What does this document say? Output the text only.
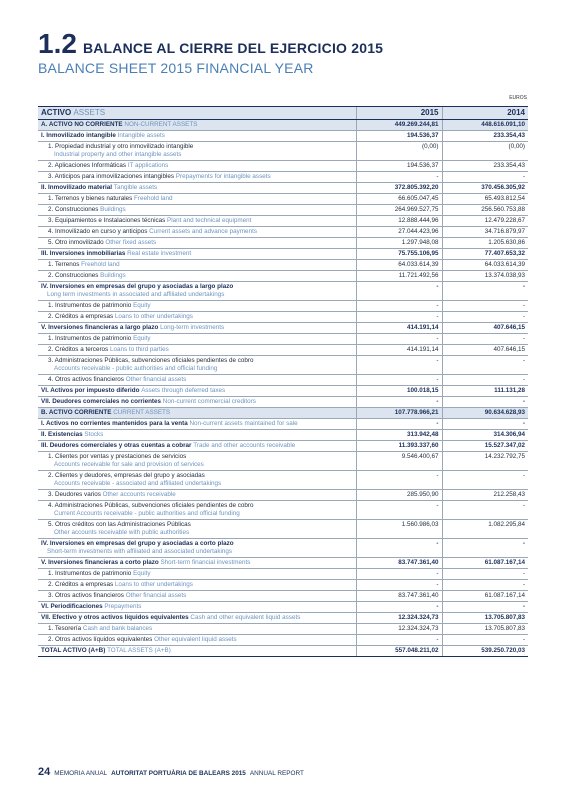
1.2 BALANCE AL CIERRE DEL EJERCICIO 2015
BALANCE SHEET 2015 FINANCIAL YEAR
EUROS
ACTIVO ASSETS	2015	2014
A. ACTIVO NO CORRIENTE NON-CURRENT ASSETS	449.269.244,81	448.616.091,10
I. Inmovilizado intangible Intangible assets	194.536,37	233.354,43
1. Propiedad industrial y otro inmovilizado intangible
Industrial property and other intangible assets	(0,00)	(0,00)
2. Aplicaciones Informáticas IT applications	194.536,37	233.354,43
3. Anticipos para inmovilizaciones intangibles Prepayments for intangible assets	-	-
II. Inmovilizado material Tangible assets	372.805.392,20	370.456.305,92
1. Terrenos y bienes naturales Freehold land	66.605.047,45	65.493.812,54
2. Construcciones Buildings	264.969.527,75	256.560.753,88
3. Equipamientos e Instalaciones técnicas Plant and technical equipment	12.888.444,96	12.479.228,67
4. Inmovilizado en curso y anticipos Current assets and advance payments	27.044.423,96	34.716.879,97
5. Otro inmovilizado Other fixed assets	1.297.948,08	1.205.630,86
III. Inversiones inmobiliarias Real estate investment	75.755.106,95	77.407.653,32
1. Terrenos Freehold land	64.033.614,39	64.033.614,39
2. Construcciones Buildings	11.721.492,56	13.374.038,93
IV. Inversiones en empresas del grupo y asociadas a largo plazo
Long term investments in associated and affiliated undertakings	-	-
1. Instrumentos de patrimonio Equity	-	-
2. Créditos a empresas Loans to other undertakings	-	-
V. Inversiones financieras a largo plazo Long-term investments	414.191,14	407.646,15
1. Instrumentos de patrimonio Equity	-	-
2. Créditos a terceros Loans to third parties	414.191,14	407.646,15
3. Administraciones Públicas, subvenciones oficiales pendientes de cobro
Accounts receivable - public authorities and official funding	-	-
4. Otros activos financieros Other financial assets	-	-
VI. Activos por impuesto diferido Assets through deferred taxes	100.018,15	111.131,28
VII. Deudores comerciales no corrientes Non-current commercial creditors	-	-
B. ACTIVO CORRIENTE CURRENT ASSETS	107.778.966,21	90.634.628,93
I. Activos no corrientes mantenidos para la venta Non-current assets maintained for sale	-	-
II. Existencias Stocks	313.942,48	314.306,94
III. Deudores comerciales y otras cuentas a cobrar Trade and other accounts receivable	11.393.337,60	15.527.347,02
1. Clientes por ventas y prestaciones de servicios
Accounts receivable for sale and provision of services	9.546.400,67	14.232.792,75
2. Clientes y deudores, empresas del grupo y asociadas
Accounts receivable - associated and affiliated undertakings	-	-
3. Deudores varios Other accounts receivable	285.950,90	212.258,43
4. Administraciones Públicas, subvenciones oficiales pendientes de cobro
Current Accounts receivable - public authorities and official funding	-	-
5. Otros créditos con las Administraciones Públicas
Other accounts receivable with public authorities	1.560.986,03	1.082.295,84
IV. Inversiones en empresas del grupo y asociadas a corto plazo
Short-term investments with affiliated and associated undertakings	-	-
V. Inversiones financieras a corto plazo Short-term financial investments	83.747.361,40	61.087.167,14
1. Instrumentos de patrimonio Equity	-	-
2. Créditos a empresas Loans to other undertakings	-	-
3. Otros activos financieros Other financial assets	83.747.361,40	61.087.167,14
VI. Periodificaciones Prepayments	-	-
VII. Efectivo y otros activos líquidos equivalentes Cash and other equivalent liquid assets	12.324.324,73	13.705.807,83
1. Tesorería Cash and bank balances	12.324.324,73	13.705.807,83
2. Otros activos líquidos equivalentes Other equivalent liquid assets	-	-
TOTAL ACTIVO (A+B) TOTAL ASSETS (A+B)	557.048.211,02	539.250.720,03
24 MEMORIA ANUAL AUTORITAT PORTUÀRIA DE BALEARS 2015 ANNUAL REPORT
